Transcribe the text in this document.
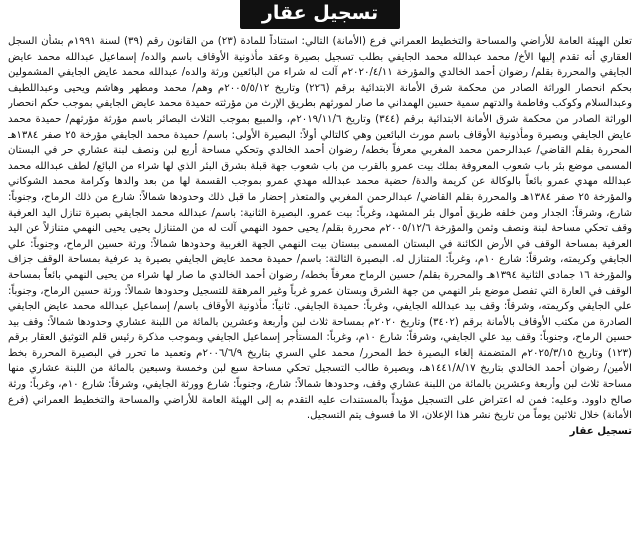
تسجيل عقار

تعلن الهيئة العامة للأراضي والمساحة والتخطيط العمراني فرع (الأمانة) التالي: استناداً للمادة (٢٣) من القانون رقم (٣٩) لسنة ١٩٩١م بشأن السجل العقاري أنه تقدم إليها الأخ/ محمد عبدالله محمد الجايفي بطلب تسجيل بصيرة وعقد مأذونية الأوقاف باسم والده/ إسماعيل عبدالله محمد عايض الجايفي والمحررة بقلم/ رضوان أحمد الخالدي والمؤرخة ٢٠٢٠/٤/١١م آلت له شراء من البائعين ورثة والده/ عبدالله محمد عايض الجايفي المشمولين بحكم انحصار الوراثة الصادر من محكمة شرق الأمانة الابتدائية برقم (٢٢٦) وتاريخ ٢٠٠٥/٥/١٢م وهم/ محمد ومطهر وهاشم ويحيى وعبداللطيف وعبدالسلام وكوكب وفاطمة والدتهم سمية حسين الهمداني ما صار لمورثهم بطريق الإرث من مؤرثته حميدة محمد عايض الجايفي بموجب حكم انحصار الوراثة الصادر من محكمة شرق الأمانة الابتدائية برقم (٣٤٤) وتاريخ ٢٠١٩/١١/٦م، والمبيع بموجب الثلاث البصائر باسم مؤرثة مؤرثهم/ حميدة محمد عايض الجايفي وبصيرة ومأذونية الأوقاف باسم مورث البائعين وهي كالتالي أولاً: البصيرة الأولى: باسم/ حميدة محمد الجايفي مؤرخة ٢٥ صفر ١٣٨٤هـ المحررة بقلم القاضي/ عبدالرحمن محمد المغربي معرفاً بخطه/ رضوان أحمد الخالدي وتحكي مساحة أربع لبن ونصف لبنة عشاري حر في البستان المسمى موضع بئر باب شعوب المعروفة بملك بيت عمرو بالقرب من باب شعوب جهة قبلة بشرق البئر الذي لها شراء من البائع/ لطف عبدالله محمد عبدالله مهدي عمرو بائعاً بالوكالة عن كريمة والدة/ حضية محمد عبدالله مهدي عمرو بموجب القسمة لها من بعد والدها وكرامة محمد الشوكاني والمؤرخة ٢٥ صفر ١٣٨٤هـ والمحررة بقلم القاضي/ عبدالرحمن المغربي والمتعذر إحضار ما قبل ذلك وحدودها شمالاً: شارع من ذلك الرماح، وجنوباً: شارع، وشرقاً: الجدار ومن خلفه طريق أموال بئر المشهد، وغرباً: بيت عمرو. البصيرة الثانية: باسم/ عبدالله محمد الجايفي بصيرة تنازل اليد العرفية وقف تحكي مساحة لبنة ونصف وثمن والمؤرخة ٢٠٠٥/١٢/٦م محررة بقلم/ يحيى حمود النهمي آلت له من المتنازل يحيى يحيى النهمي متنازلاً عن اليد العرفية بمساحة الوقف في الأرض الكائنة في البستان المسمى ببستان بيت النهمي الجهة الغربية وحدودها شمالاً: ورثة حسين الرماح، وجنوباً: علي الجايفي وكريمته، وشرقاً: شارع ١٠م، وغرباً: المتنازل له. البصيرة الثالثة: باسم/ حميدة محمد عايض الجايفي بصيرة يد عرفية بمساحة الوقف جزاف والمؤرخة ١٦ جمادى الثانية ١٣٩٤هـ والمحررة بقلم/ حسين الرماح معرفاً بخطه/ رضوان أحمد الخالدي ما صار لها شراء من يحيى النهمي بائعاً بمساحة الوقف في العارة التي تفصل موضع بئر النهمي من جهة الشرق وبستان عمرو غرباً وغير المرهقة للتسجيل وحدودها شمالاً: ورثة حسين الرماح، وجنوباً: علي الجايفي وكريمته، وشرقاً: وقف بيد عبدالله الجايفي، وغرباً: حميدة الجايفي. ثانياً: مأذونية الأوقاف باسم/ إسماعيل عبدالله محمد عايض الجايفي الصادرة من مكتب الأوقاف بالأمانة برقم (٣٤٠٢) وتاريخ ٢٠٢٠م بمساحة ثلاث لبن وأربعة وعشرين بالمائة من اللبنة عشاري وحدودها شمالاً: وقف بيد حسين الرماح، وجنوباً: وقف بيد علي الجايفي، وشرقاً: شارع ١٠م، وغرباً: المستأجر إسماعيل الجايفي وبموجب مذكرة رئيس قلم التوثيق العقار برقم (١٢٣) وتاريخ ٢٠٢٥/٣/١٥م المتضمنة إلغاء البصيرة خط المحرر/ محمد علي السري بتاريخ ٢٠٠٦/٦/٩م وتعميد ما تحرر في البصيرة المحررة بخط الأمين/ رضوان أحمد الخالدي بتاريخ ١٤٤١/٨/١٧هـ، وبصيرة طالب التسجيل تحكي مساحة سبع لبن وخمسة وسبعين بالمائة من اللبنة عشاري منها مساحة ثلاث لبن وأربعة وعشرين بالمائة من اللبنة عشاري وقف، وحدودها شمالاً: شارع، وجنوباً: شارع وورثة الجايفي، وشرقاً: شارع ١٠م، وغرباً: ورثة صالح داوود. وعليه: فمن له اعتراض على التسجيل مؤيداً بالمستندات عليه التقدم به إلى الهيئة العامة للأراضي والمساحة والتخطيط العمراني (فرع الأمانة) خلال ثلاثين يوماً من تاريخ نشر هذا الإعلان، الا ما فسوف يتم التسجيل.

تسجيل عقار
